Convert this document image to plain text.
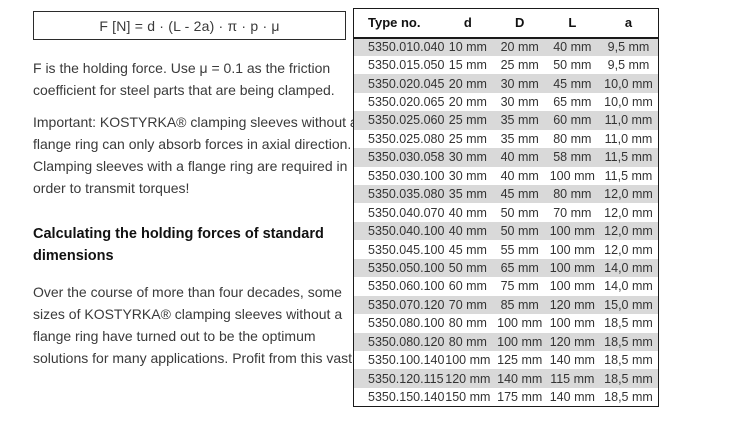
F [N] = d · (L - 2a) · π · p · μ
F is the holding force. Use μ = 0.1 as the friction
coefficient for steel parts that are being clamped.
Important: KOSTYRKA® clamping sleeves without a
flange ring can only absorb forces in axial direction.
Clamping sleeves with a flange ring are required in
order to transmit torques!
Calculating the holding forces of standard
dimensions
Over the course of more than four decades, some
sizes of KOSTYRKA® clamping sleeves without a
flange ring have turned out to be the optimum
solutions for many applications. Profit from this vast
Type no.	d	D	L	a
5350.010.040	10 mm	20 mm	40 mm	9,5 mm
5350.015.050	15 mm	25 mm	50 mm	9,5 mm
5350.020.045	20 mm	30 mm	45 mm	10,0 mm
5350.020.065	20 mm	30 mm	65 mm	10,0 mm
5350.025.060	25 mm	35 mm	60 mm	11,0 mm
5350.025.080	25 mm	35 mm	80 mm	11,0 mm
5350.030.058	30 mm	40 mm	58 mm	11,5 mm
5350.030.100	30 mm	40 mm	100 mm	11,5 mm
5350.035.080	35 mm	45 mm	80 mm	12,0 mm
5350.040.070	40 mm	50 mm	70 mm	12,0 mm
5350.040.100	40 mm	50 mm	100 mm	12,0 mm
5350.045.100	45 mm	55 mm	100 mm	12,0 mm
5350.050.100	50 mm	65 mm	100 mm	14,0 mm
5350.060.100	60 mm	75 mm	100 mm	14,0 mm
5350.070.120	70 mm	85 mm	120 mm	15,0 mm
5350.080.100	80 mm	100 mm	100 mm	18,5 mm
5350.080.120	80 mm	100 mm	120 mm	18,5 mm
5350.100.140	100 mm	125 mm	140 mm	18,5 mm
5350.120.115	120 mm	140 mm	115 mm	18,5 mm
5350.150.140	150 mm	175 mm	140 mm	18,5 mm
